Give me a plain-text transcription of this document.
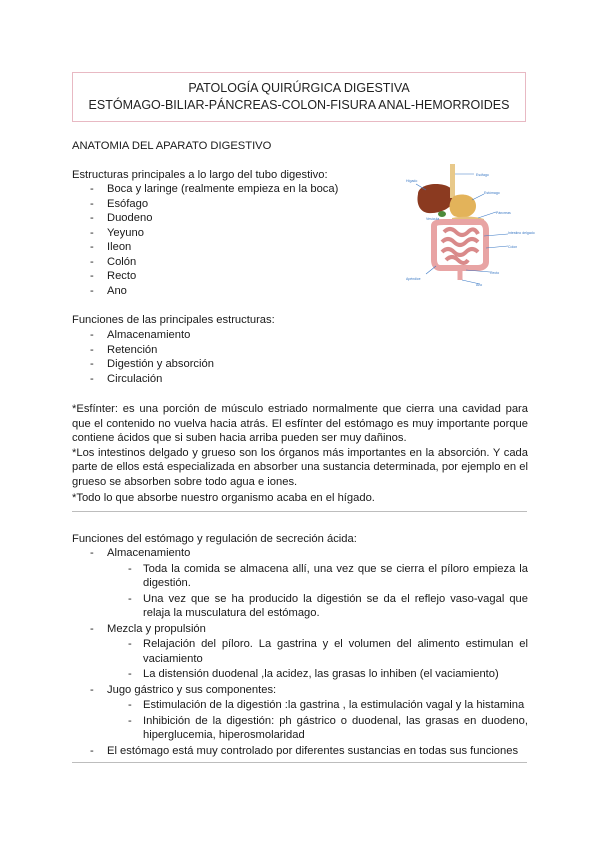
PATOLOGÍA QUIRÚRGICA DIGESTIVA
ESTÓMAGO-BILIAR-PÁNCREAS-COLON-FISURA ANAL-HEMORROIDES

ANATOMIA DEL APARATO DIGESTIVO

Estructuras principales a lo largo del tubo digestivo:

- Boca y laringe (realmente empieza en la boca)
- Esófago
- Duodeno
- Yeyuno
- Ileon
- Colón
- Recto
- Ano
Hígado
Esófago
Estómago
Páncreas
Intestino delgado
Colon
Recto
Ano
Apéndice
Vesícula

Funciones de las principales estructuras:

- Almacenamiento
- Retención
- Digestión y absorción
- Circulación

*Esfínter: es una porción de músculo estriado normalmente que cierra una cavidad para que el contenido no vuelva hacia atrás. El esfínter del estómago es muy importante porque contiene ácidos que si suben hacia arriba pueden ser muy dañinos.

*Los intestinos delgado y grueso son los órganos más importantes en la absorción. Y cada parte de ellos está especializada en absorber una sustancia determinada, por ejemplo en el grueso se absorben sobre todo agua e iones.

*Todo lo que absorbe nuestro organismo acaba en el hígado.

Funciones del estómago y regulación de secreción ácida:

- Almacenamiento
- Toda la comida se almacena allí, una vez que se cierra el píloro empieza la digestión.
- Una vez que se ha producido la digestión se da el reflejo vaso-vagal que relaja la musculatura del estómago.
- Mezcla y propulsión
- Relajación del píloro. La gastrina y el volumen del alimento estimulan el vaciamiento
- La distensión duodenal ,la acidez, las grasas lo inhiben (el vaciamiento)
- Jugo gástrico y sus componentes:
- Estimulación de la digestión :la gastrina , la estimulación vagal y la histamina
- Inhibición de la digestión: ph gástrico o duodenal, las grasas en duodeno, hiperglucemia, hiperosmolaridad
- El estómago está muy controlado por diferentes sustancias en todas sus funciones
